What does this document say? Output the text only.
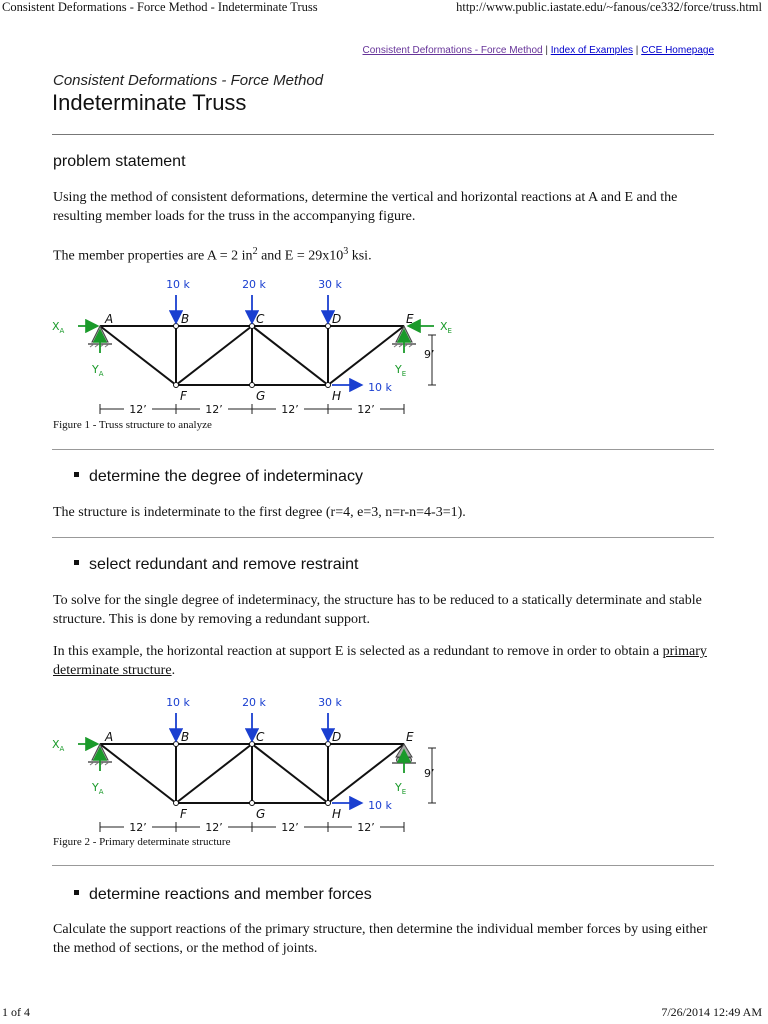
Consistent Deformations - Force Method - Indeterminate Truss	http://www.public.iastate.edu/~fanous/ce332/force/truss.html
Consistent Deformations - Force Method | Index of Examples | CCE Homepage
Consistent Deformations - Force Method
Indeterminate Truss
problem statement
Using the method of consistent deformations, determine the vertical and horizontal reactions at A and E and the resulting member loads for the truss in the accompanying figure.
The member properties are A = 2 $in^2$ and $E = 29x10^3$ ksi.
10 k	20 k	30 k
10 k
A	B	C	D	E
F	G	H
$X_A$
$Y_A$
$X_E$
$Y_E$
9’
12’	12’	12’	12’
Figure 1 - Truss structure to analyze
determine the degree of indeterminacy
The structure is indeterminate to the first degree (r=4, e=3, n=r-n=4-3=1).
select redundant and remove restraint
To solve for the single degree of indeterminacy, the structure has to be reduced to a statically determinate and stable structure. This is done by removing a redundant support.
In this example, the horizontal reaction at support E is selected as a redundant to remove in order to obtain a primary determinate structure.
10 k	20 k	30 k
10 k
A	B	C	D	E
F	G	H
$X_A$
$Y_A$	$Y_E$
9’
12’	12’	12’	12’
Figure 2 - Primary determinate structure
determine reactions and member forces
Calculate the support reactions of the primary structure, then determine the individual member forces by using either the method of sections, or the method of joints.
1 of 4	7/26/2014 12:49 AM
